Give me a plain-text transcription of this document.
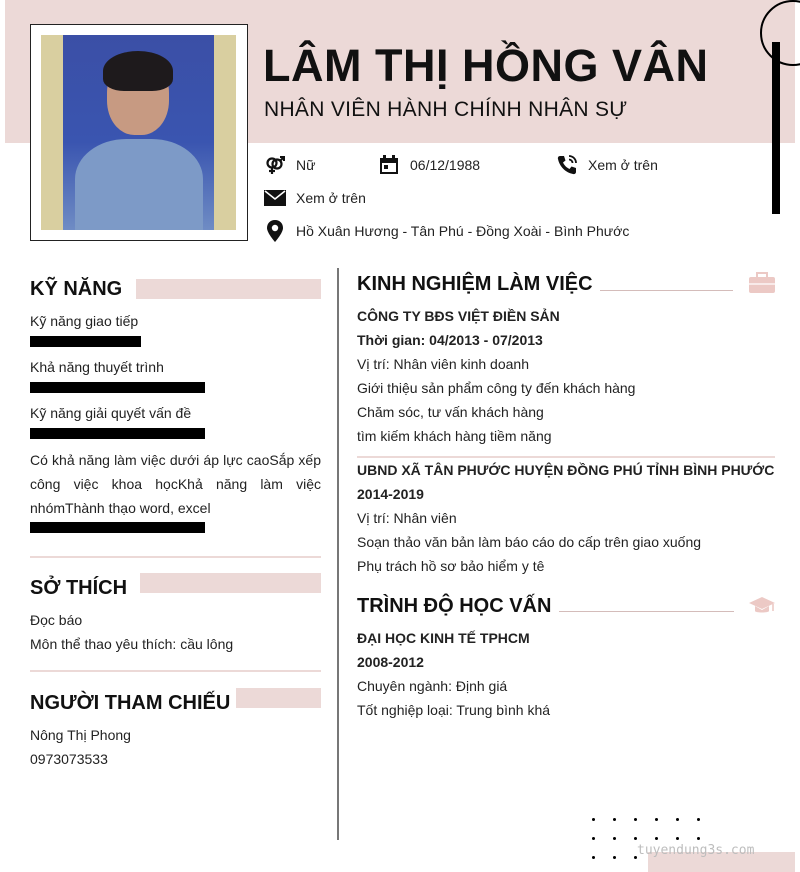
LÂM THỊ HỒNG VÂN
NHÂN VIÊN HÀNH CHÍNH NHÂN SỰ
Nữ	06/12/1988	Xem ở trên
Xem ở trên
Hồ Xuân Hương - Tân Phú - Đồng Xoài - Bình Phước
KỸ NĂNG
Kỹ năng giao tiếp
Khả năng thuyết trình
Kỹ năng giải quyết vấn đề
Có khả năng làm việc dưới áp lực caoSắp xếp công việc khoa họcKhả năng làm việc nhómThành thạo word, excel
SỞ THÍCH
Đọc báo
Môn thể thao yêu thích: cầu lông
NGƯỜI THAM CHIẾU
Nông Thị Phong
0973073533
KINH NGHIỆM LÀM VIỆC
CÔNG TY BĐS VIỆT ĐIỀN SẢN
Thời gian: 04/2013 - 07/2013
Vị trí: Nhân viên kinh doanh
Giới thiệu sản phẩm công ty đến khách hàng
Chăm sóc, tư vấn khách hàng
tìm kiếm khách hàng tiềm năng
UBND XÃ TÂN PHƯỚC HUYỆN ĐỒNG PHÚ TỈNH BÌNH PHƯỚC
2014-2019
Vị trí: Nhân viên
Soạn thảo văn bản làm báo cáo do cấp trên giao xuống
Phụ trách hồ sơ bảo hiểm y tê
TRÌNH ĐỘ HỌC VẤN
ĐẠI HỌC KINH TẾ TPHCM
2008-2012
Chuyên ngành: Định giá
Tốt nghiệp loại: Trung bình khá
tuyendung3s.com
